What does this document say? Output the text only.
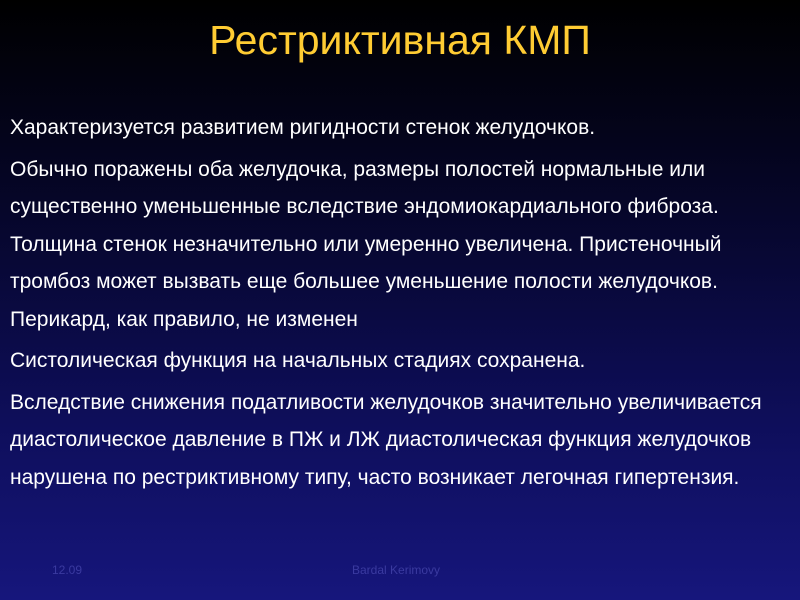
Рестриктивная КМП

Характеризуется развитием ригидности стенок желудочков.

Обычно поражены оба желудочка, размеры полостей нормальные или существенно уменьшенные вследствие эндомиокардиального фиброза. Толщина стенок незначительно или умеренно увеличена. Пристеночный тромбоз может вызвать еще большее уменьшение полости желудочков. Перикард, как правило, не изменен

Систолическая функция на начальных стадиях сохранена.

Вследствие снижения податливости желудочков значительно увеличивается диастолическое давление в ПЖ и ЛЖ диастолическая функция желудочков нарушена по рестриктивному типу, часто возникает легочная гипертензия.

12.09	Bardal Kerimovy
